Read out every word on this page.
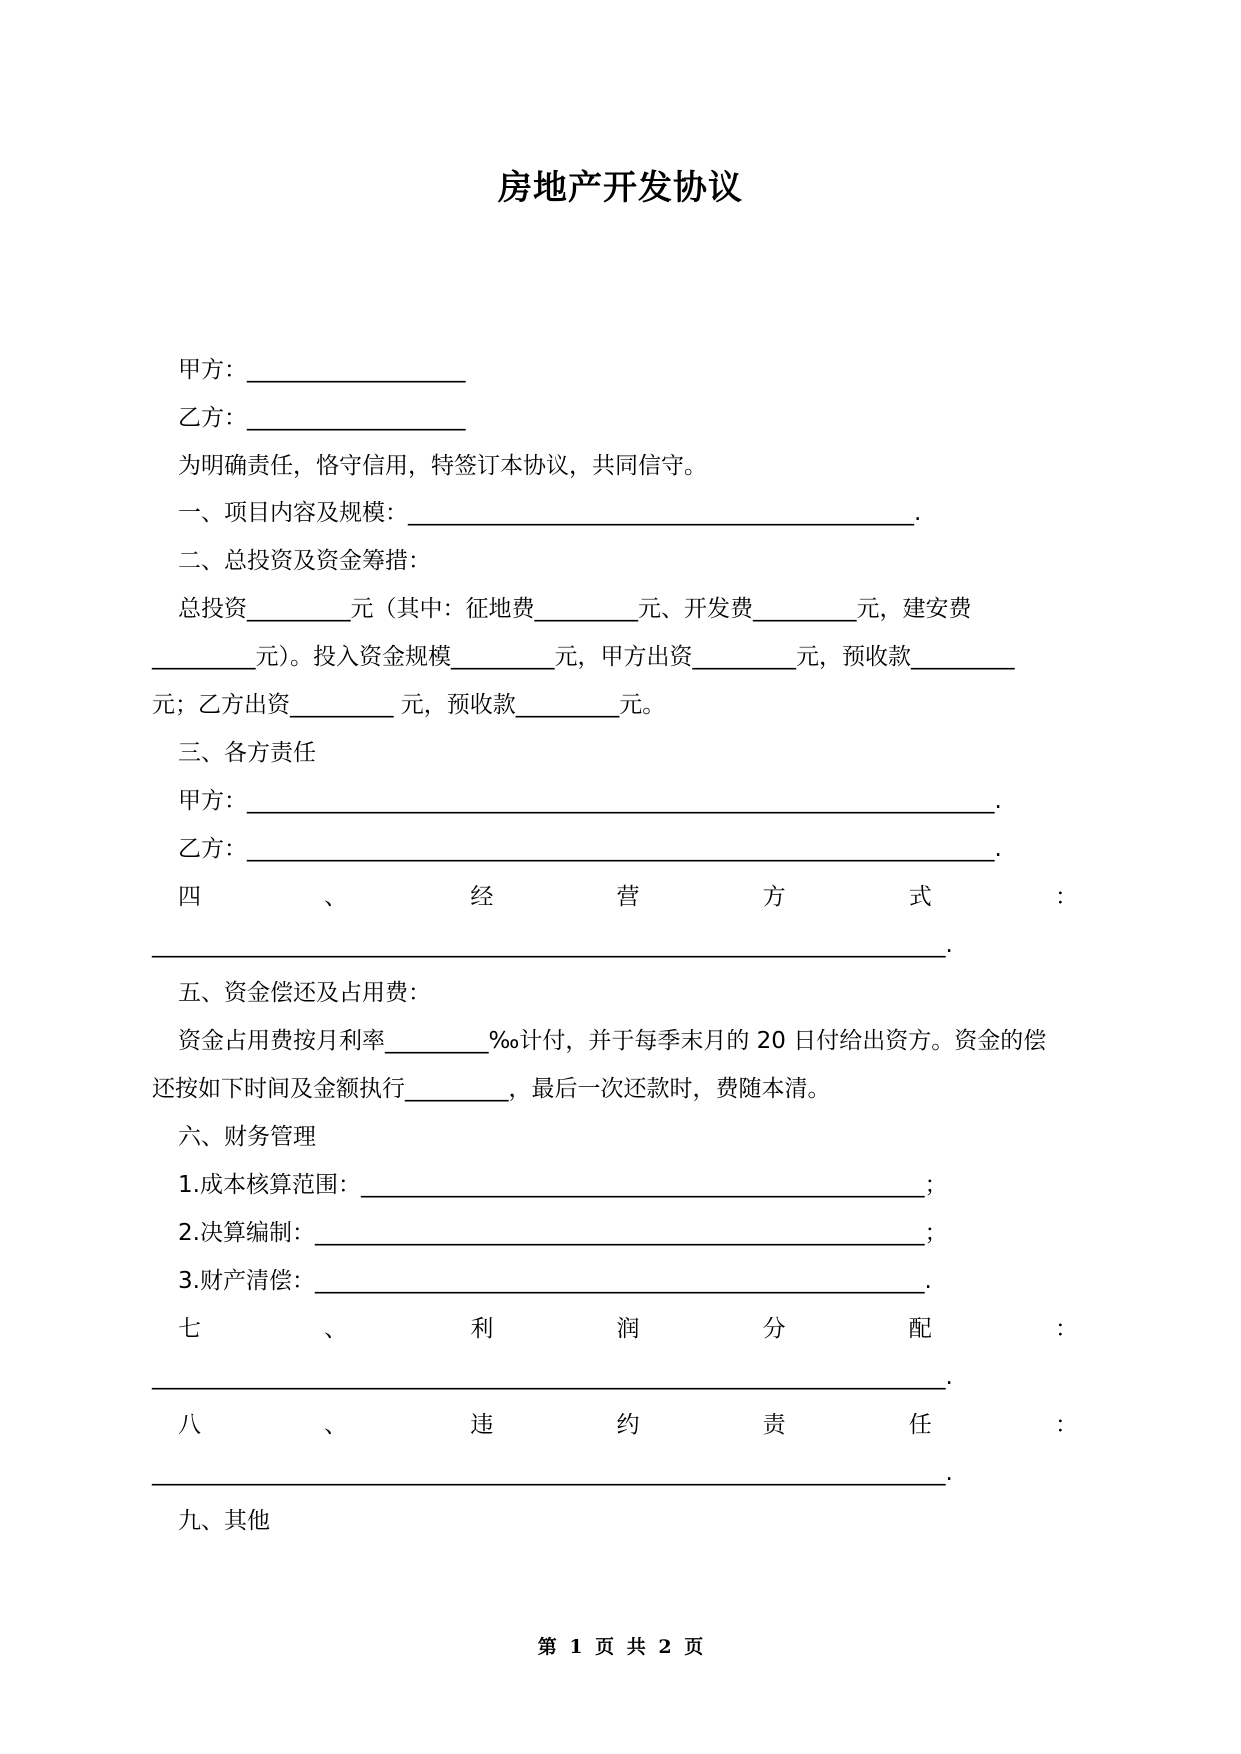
房地产开发协议
甲方：___________________
乙方：___________________
为明确责任，恪守信用，特签订本协议，共同信守。
一、项目内容及规模：____________________________________________.
二、总投资及资金筹措：
总投资_________元（其中：征地费_________元、开发费_________元，建安费
_________元）。投入资金规模_________元，甲方出资_________元，预收款_________
元；乙方出资_________ 元，预收款_________元。
三、各方责任
甲方：_________________________________________________________________.
乙方：_________________________________________________________________.
四	、	经	营	方	式	：
_____________________________________________________________________.
五、资金偿还及占用费：
资金占用费按月利率_________‰计付，并于每季末月的 20 日付给出资方。资金的偿
还按如下时间及金额执行_________，最后一次还款时，费随本清。
六、财务管理
1.成本核算范围：_________________________________________________；
2.决算编制：_____________________________________________________；
3.财产清偿：_____________________________________________________.
七	、	利	润	分	配	：
_____________________________________________________________________.
八	、	违	约	责	任	：
_____________________________________________________________________.
九、其他
第 1 页 共 2 页
